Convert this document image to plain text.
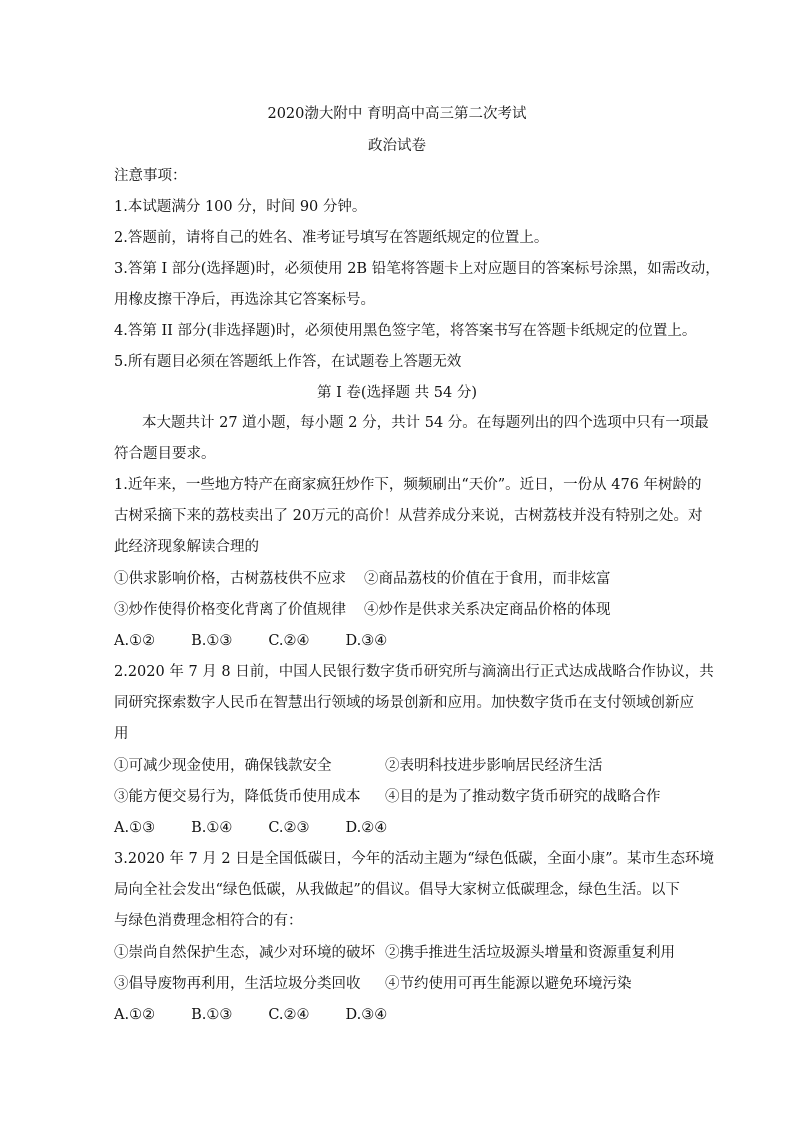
2020渤大附中 育明高中高三第二次考试
政治试卷
注意事项：
1.本试题满分 100 分，时间 90 分钟。
2.答题前，请将自己的姓名、准考证号填写在答题纸规定的位置上。
3.答第 I 部分(选择题)时，必须使用 2B 铅笔将答题卡上对应题目的答案标号涂黑，如需改动，
用橡皮擦干净后，再选涂其它答案标号。
4.答第 II 部分(非选择题)时，必须使用黑色签字笔，将答案书写在答题卡纸规定的位置上。
5.所有题目必须在答题纸上作答，在试题卷上答题无效
第 I 卷(选择题 共 54 分)
本大题共计 27 道小题，每小题 2 分，共计 54 分。在每题列出的四个选项中只有一项最
符合题目要求。
1.近年来，一些地方特产在商家疯狂炒作下，频频刷出“天价”。近日，一份从 476 年树龄的
古树采摘下来的荔枝卖出了 20万元的高价！从营养成分来说，古树荔枝并没有特别之处。对
此经济现象解读合理的
①供求影响价格，古树荔枝供不应求 ②商品荔枝的价值在于食用，而非炫富
③炒作使得价格变化背离了价值规律 ④炒作是供求关系决定商品价格的体现
A.①② B.①③ C.②④ D.③④
2.2020 年 7 月 8 日前，中国人民银行数字货币研究所与滴滴出行正式达成战略合作协议，共
同研究探索数字人民币在智慧出行领域的场景创新和应用。加快数字货币在支付领域创新应
用
①可减少现金使用，确保钱款安全	②表明科技进步影响居民经济生活
③能方便交易行为，降低货币使用成本 ④目的是为了推动数字货币研究的战略合作
A.①③ B.①④ C.②③ D.②④
3.2020 年 7 月 2 日是全国低碳日，今年的活动主题为“绿色低碳，全面小康”。某市生态环境
局向全社会发出“绿色低碳，从我做起”的倡议。倡导大家树立低碳理念，绿色生活。以下
与绿色消费理念相符合的有：
①崇尚自然保护生态，减少对环境的破坏 ②携手推进生活垃圾源头增量和资源重复利用
③倡导废物再利用，生活垃圾分类回收 ④节约使用可再生能源以避免环境污染
A.①② B.①③ C.②④ D.③④
